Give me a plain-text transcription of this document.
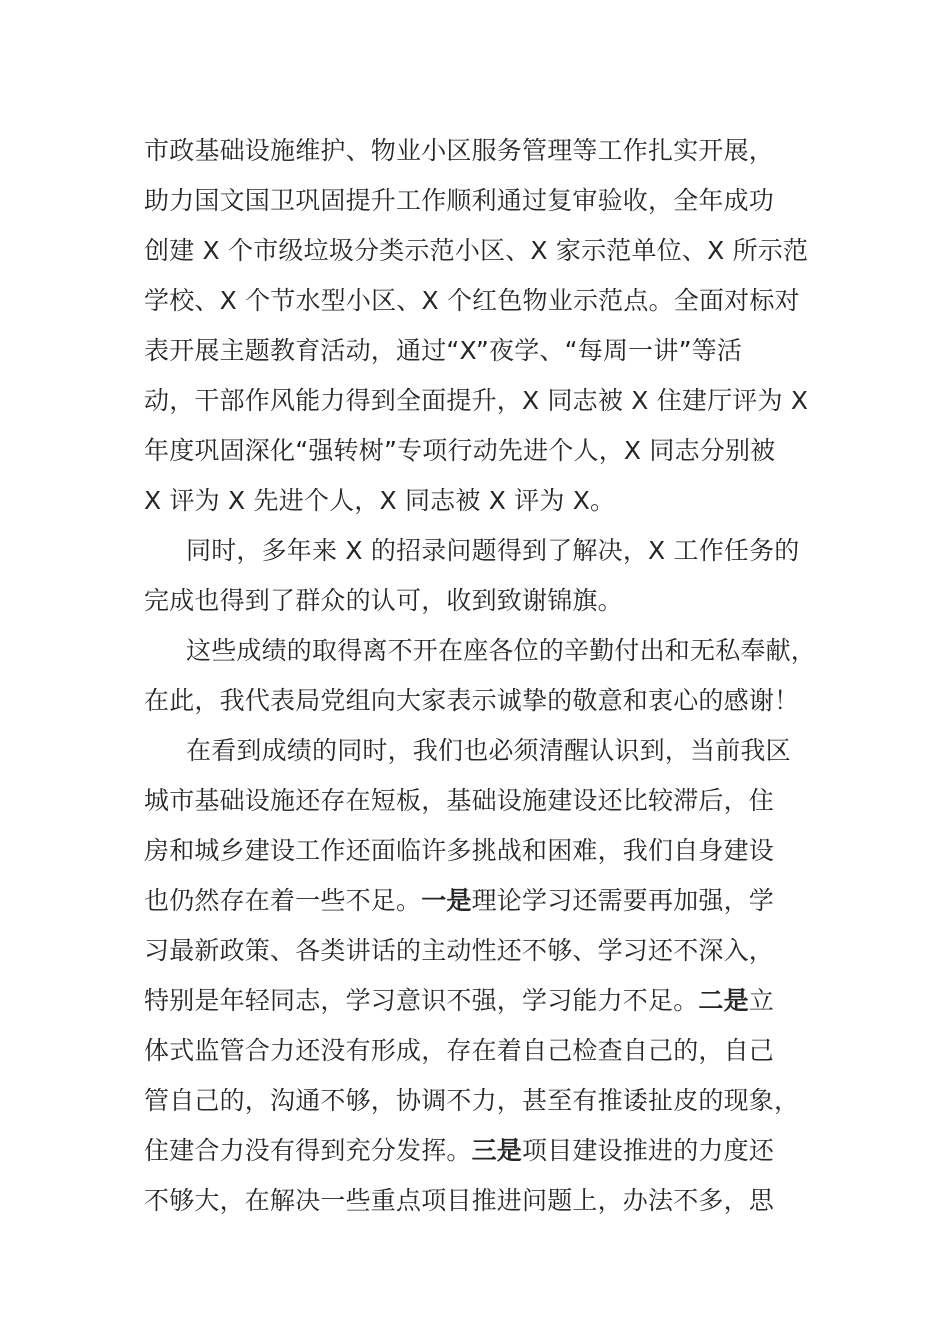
市政基础设施维护、物业小区服务管理等工作扎实开展，
助力国文国卫巩固提升工作顺利通过复审验收，全年成功
创建 X 个市级垃圾分类示范小区、X 家示范单位、X 所示范
学校、X 个节水型小区、X 个红色物业示范点。全面对标对
表开展主题教育活动，通过“X”夜学、“每周一讲”等活
动，干部作风能力得到全面提升，X 同志被 X 住建厅评为 X
年度巩固深化“强转树”专项行动先进个人，X 同志分别被
X 评为 X 先进个人，X 同志被 X 评为 X。
同时，多年来 X 的招录问题得到了解决，X 工作任务的
完成也得到了群众的认可，收到致谢锦旗。
这些成绩的取得离不开在座各位的辛勤付出和无私奉献，
在此，我代表局党组向大家表示诚挚的敬意和衷心的感谢！
在看到成绩的同时，我们也必须清醒认识到，当前我区
城市基础设施还存在短板，基础设施建设还比较滞后，住
房和城乡建设工作还面临许多挑战和困难，我们自身建设
也仍然存在着一些不足。一是理论学习还需要再加强，学
习最新政策、各类讲话的主动性还不够、学习还不深入，
特别是年轻同志，学习意识不强，学习能力不足。二是立
体式监管合力还没有形成，存在着自己检查自己的，自己
管自己的，沟通不够，协调不力，甚至有推诿扯皮的现象，
住建合力没有得到充分发挥。三是项目建设推进的力度还
不够大，在解决一些重点项目推进问题上，办法不多，思
